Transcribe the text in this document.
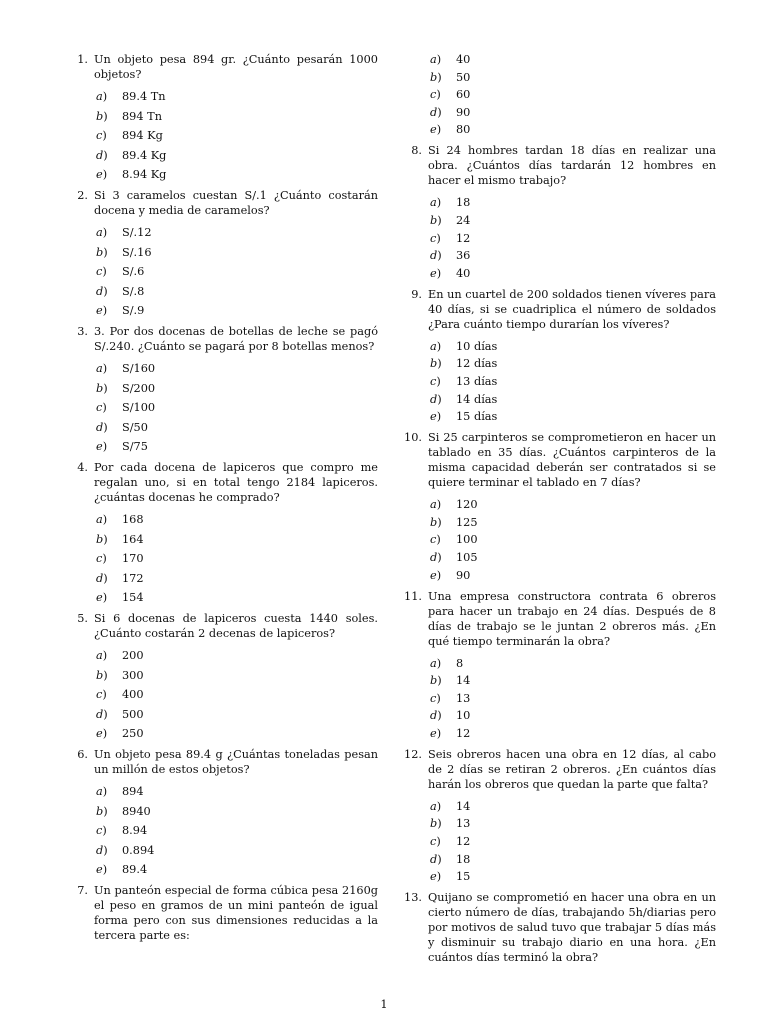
1. Un objeto pesa 894 gr. ¿Cuánto pesarán 1000 objetos?
a)	89.4 Tn
b)	894 Tn
c)	894 Kg
d)	89.4 Kg
e)	8.94 Kg
2. Si 3 caramelos cuestan S/.1 ¿Cuánto costarán docena y media de caramelos?
a)	S/.12
b)	S/.16
c)	S/.6
d)	S/.8
e)	S/.9
3. 3. Por dos docenas de botellas de leche se pagó S/.240. ¿Cuánto se pagará por 8 botellas menos?
a)	S/160
b)	S/200
c)	S/100
d)	S/50
e)	S/75
4. Por cada docena de lapiceros que compro me regalan uno, si en total tengo 2184 lapiceros. ¿cuántas docenas he comprado?
a)	168
b)	164
c)	170
d)	172
e)	154
5. Si 6 docenas de lapiceros cuesta 1440 soles. ¿Cuánto costarán 2 decenas de lapiceros?
a)	200
b)	300
c)	400
d)	500
e)	250
6. Un objeto pesa 89.4 g ¿Cuántas toneladas pesan un millón de estos objetos?
a)	894
b)	8940
c)	8.94
d)	0.894
e)	89.4
7. Un panteón especial de forma cúbica pesa 2160g el peso en gramos de un mini panteón de igual forma pero con sus dimensiones reducidas a la tercera parte es:
a)	40
b)	50
c)	60
d)	90
e)	80
8. Si 24 hombres tardan 18 días en realizar una obra. ¿Cuántos días tardarán 12 hombres en hacer el mismo trabajo?
a)	18
b)	24
c)	12
d)	36
e)	40
9. En un cuartel de 200 soldados tienen víveres para 40 días, si se cuadriplica el número de soldados ¿Para cuánto tiempo durarían los víveres?
a)	10 días
b)	12 días
c)	13 días
d)	14 días
e)	15 días
10. Si 25 carpinteros se comprometieron en hacer un tablado en 35 días. ¿Cuántos carpinteros de la misma capacidad deberán ser contratados si se quiere terminar el tablado en 7 días?
a)	120
b)	125
c)	100
d)	105
e)	90
11. Una empresa constructora contrata 6 obreros para hacer un trabajo en 24 días. Después de 8 días de trabajo se le juntan 2 obreros más. ¿En qué tiempo terminarán la obra?
a)	8
b)	14
c)	13
d)	10
e)	12
12. Seis obreros hacen una obra en 12 días, al cabo de 2 días se retiran 2 obreros. ¿En cuántos días harán los obreros que quedan la parte que falta?
a)	14
b)	13
c)	12
d)	18
e)	15
13. Quijano se comprometió en hacer una obra en un cierto número de días, trabajando 5h/diarias pero por motivos de salud tuvo que trabajar 5 días más y disminuir su trabajo diario en una hora. ¿En cuántos días terminó la obra?
1
